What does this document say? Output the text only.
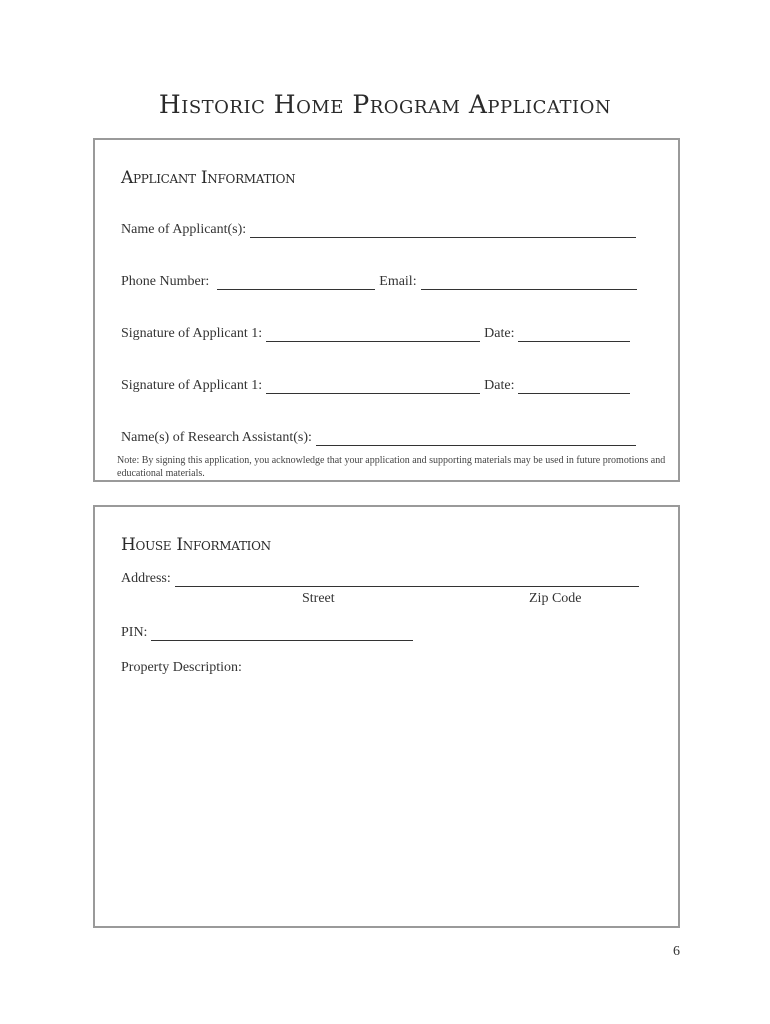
Historic Home Program Application
Applicant Information
Name of Applicant(s):
Phone Number:	Email:
Signature of Applicant 1:	Date:
Signature of Applicant 1:	Date:
Name(s) of Research Assistant(s):
Note: By signing this application, you acknowledge that your application and supporting materials may be used in future promotions and educational materials.
House Information
Address:
Street	Zip Code
PIN:
Property Description:
6
